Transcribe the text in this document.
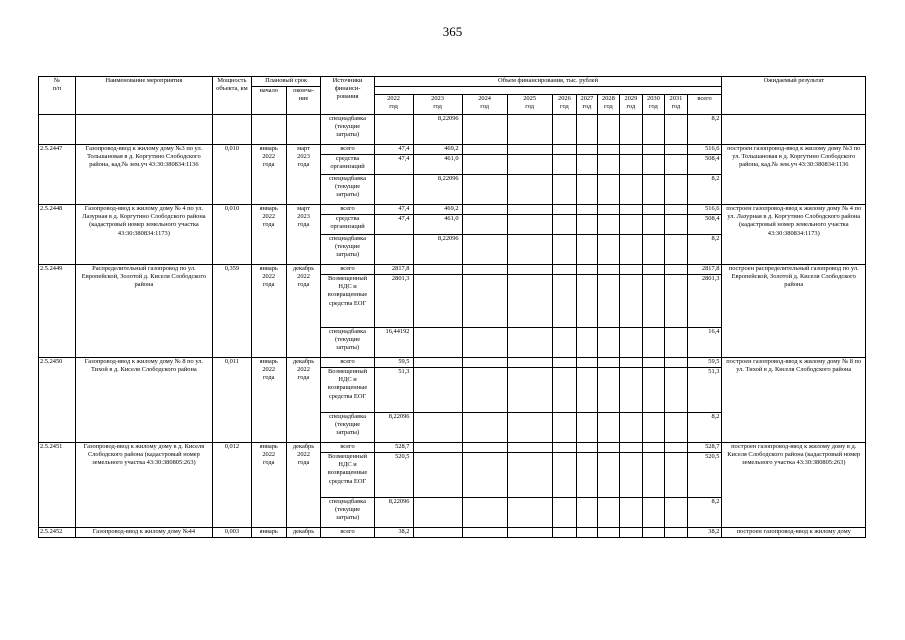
365
№
п/п	Наименование мероприятия	Мощность объекта, км	Плановый срок		Источники финанси-
рования	Объем финансирования, тыс. рублей											Ожидаемый результат
			начало	оконча-
ние													
						2022
год	2023
год	2024
год	2025
год	2026
год	2027
год	2028
год	2029
год	2030
год	2031
год	всего	
					спецнадбавка
(текущие
затраты)		8,22096									8,2	
2.5.2447	Газопровод-ввод к жилому дому №3 по ул. Тольшановая в д. Коргутино Слободского района, кад.№ зем.уч 43:30:380834:1136	0,010	январь
2022
года	март
2023
года	всего	47,4	469,2									516,6	построен газопровод-ввод к жилому дому №3 по ул. Тольшановая в д. Коргутино Слободского района, кад.№ зем.уч 43:30:380834:1136
					средства
организаций	47,4	461,0									508,4	
					спецнадбавка
(текущие
затраты)		8,22096									8,2	
2.5.2448	Газопровод-ввод к жилому дому № 4 по ул. Лазурная в д. Коргутино Слободского района (кадастровый номер земельного участка 43:30:380834:1173)	0,010	январь
2022
года	март
2023
года	всего	47,4	469,2									516,6	построен газопровод-ввод к жилому дому № 4 по ул. Лазурная в д. Коргутино Слободского района (кадастровый номер земельного участка 43:30:380834:1173)
					средства
организаций	47,4	461,0									508,4	
					спецнадбавка
(текущие
затраты)		8,22096									8,2	
2.5.2449	Распределительный газопровод по ул. Европейской, Золотой д. Киселя Слободского района	0,359	январь
2022
года	декабрь
2022
года	всего	2817,8										2817,8	построен распределительный газопровод по ул. Европейской, Золотой д. Киселя Слободского района
					Возмещенный
НДС и
возвращенные
средства ЕОГ	2801,3										2801,3	
					спецнадбавка
(текущие
затраты)	16,44192										16,4	
2.5.2450	Газопровод-ввод к жилому дому № 8 по ул. Тихой в д. Киселя Слободского района	0,011	январь
2022
года	декабрь
2022
года	всего	59,5										59,5	построен газопровод-ввод к жилому дому № 8 по ул. Тихой в д. Киселя Слободского района
					Возмещенный
НДС и
возвращенные
средства ЕОГ	51,3										51,3	
					спецнадбавка
(текущие
затраты)	8,22096										8,2	
2.5.2451	Газопровод-ввод к жилому дому в д. Киселя Слободского района (кадастровый номер земельного участка 43:30:380805:263)	0,012	январь
2022
года	декабрь
2022
года	всего	528,7										528,7	построен газопровод-ввод к жилому дому в д. Киселя Слободского района (кадастровый номер земельного участка 43:30:380805:263)
					Возмещенный
НДС и
возвращенные
средства ЕОГ	520,5										520,5	
					спецнадбавка
(текущие
затраты)	8,22096										8,2	
2.5.2452	Газопровод-ввод к жилому дому №44	0,003	январь	декабрь	всего	38,2										38,2	построен газопровод-ввод к жилому дому
